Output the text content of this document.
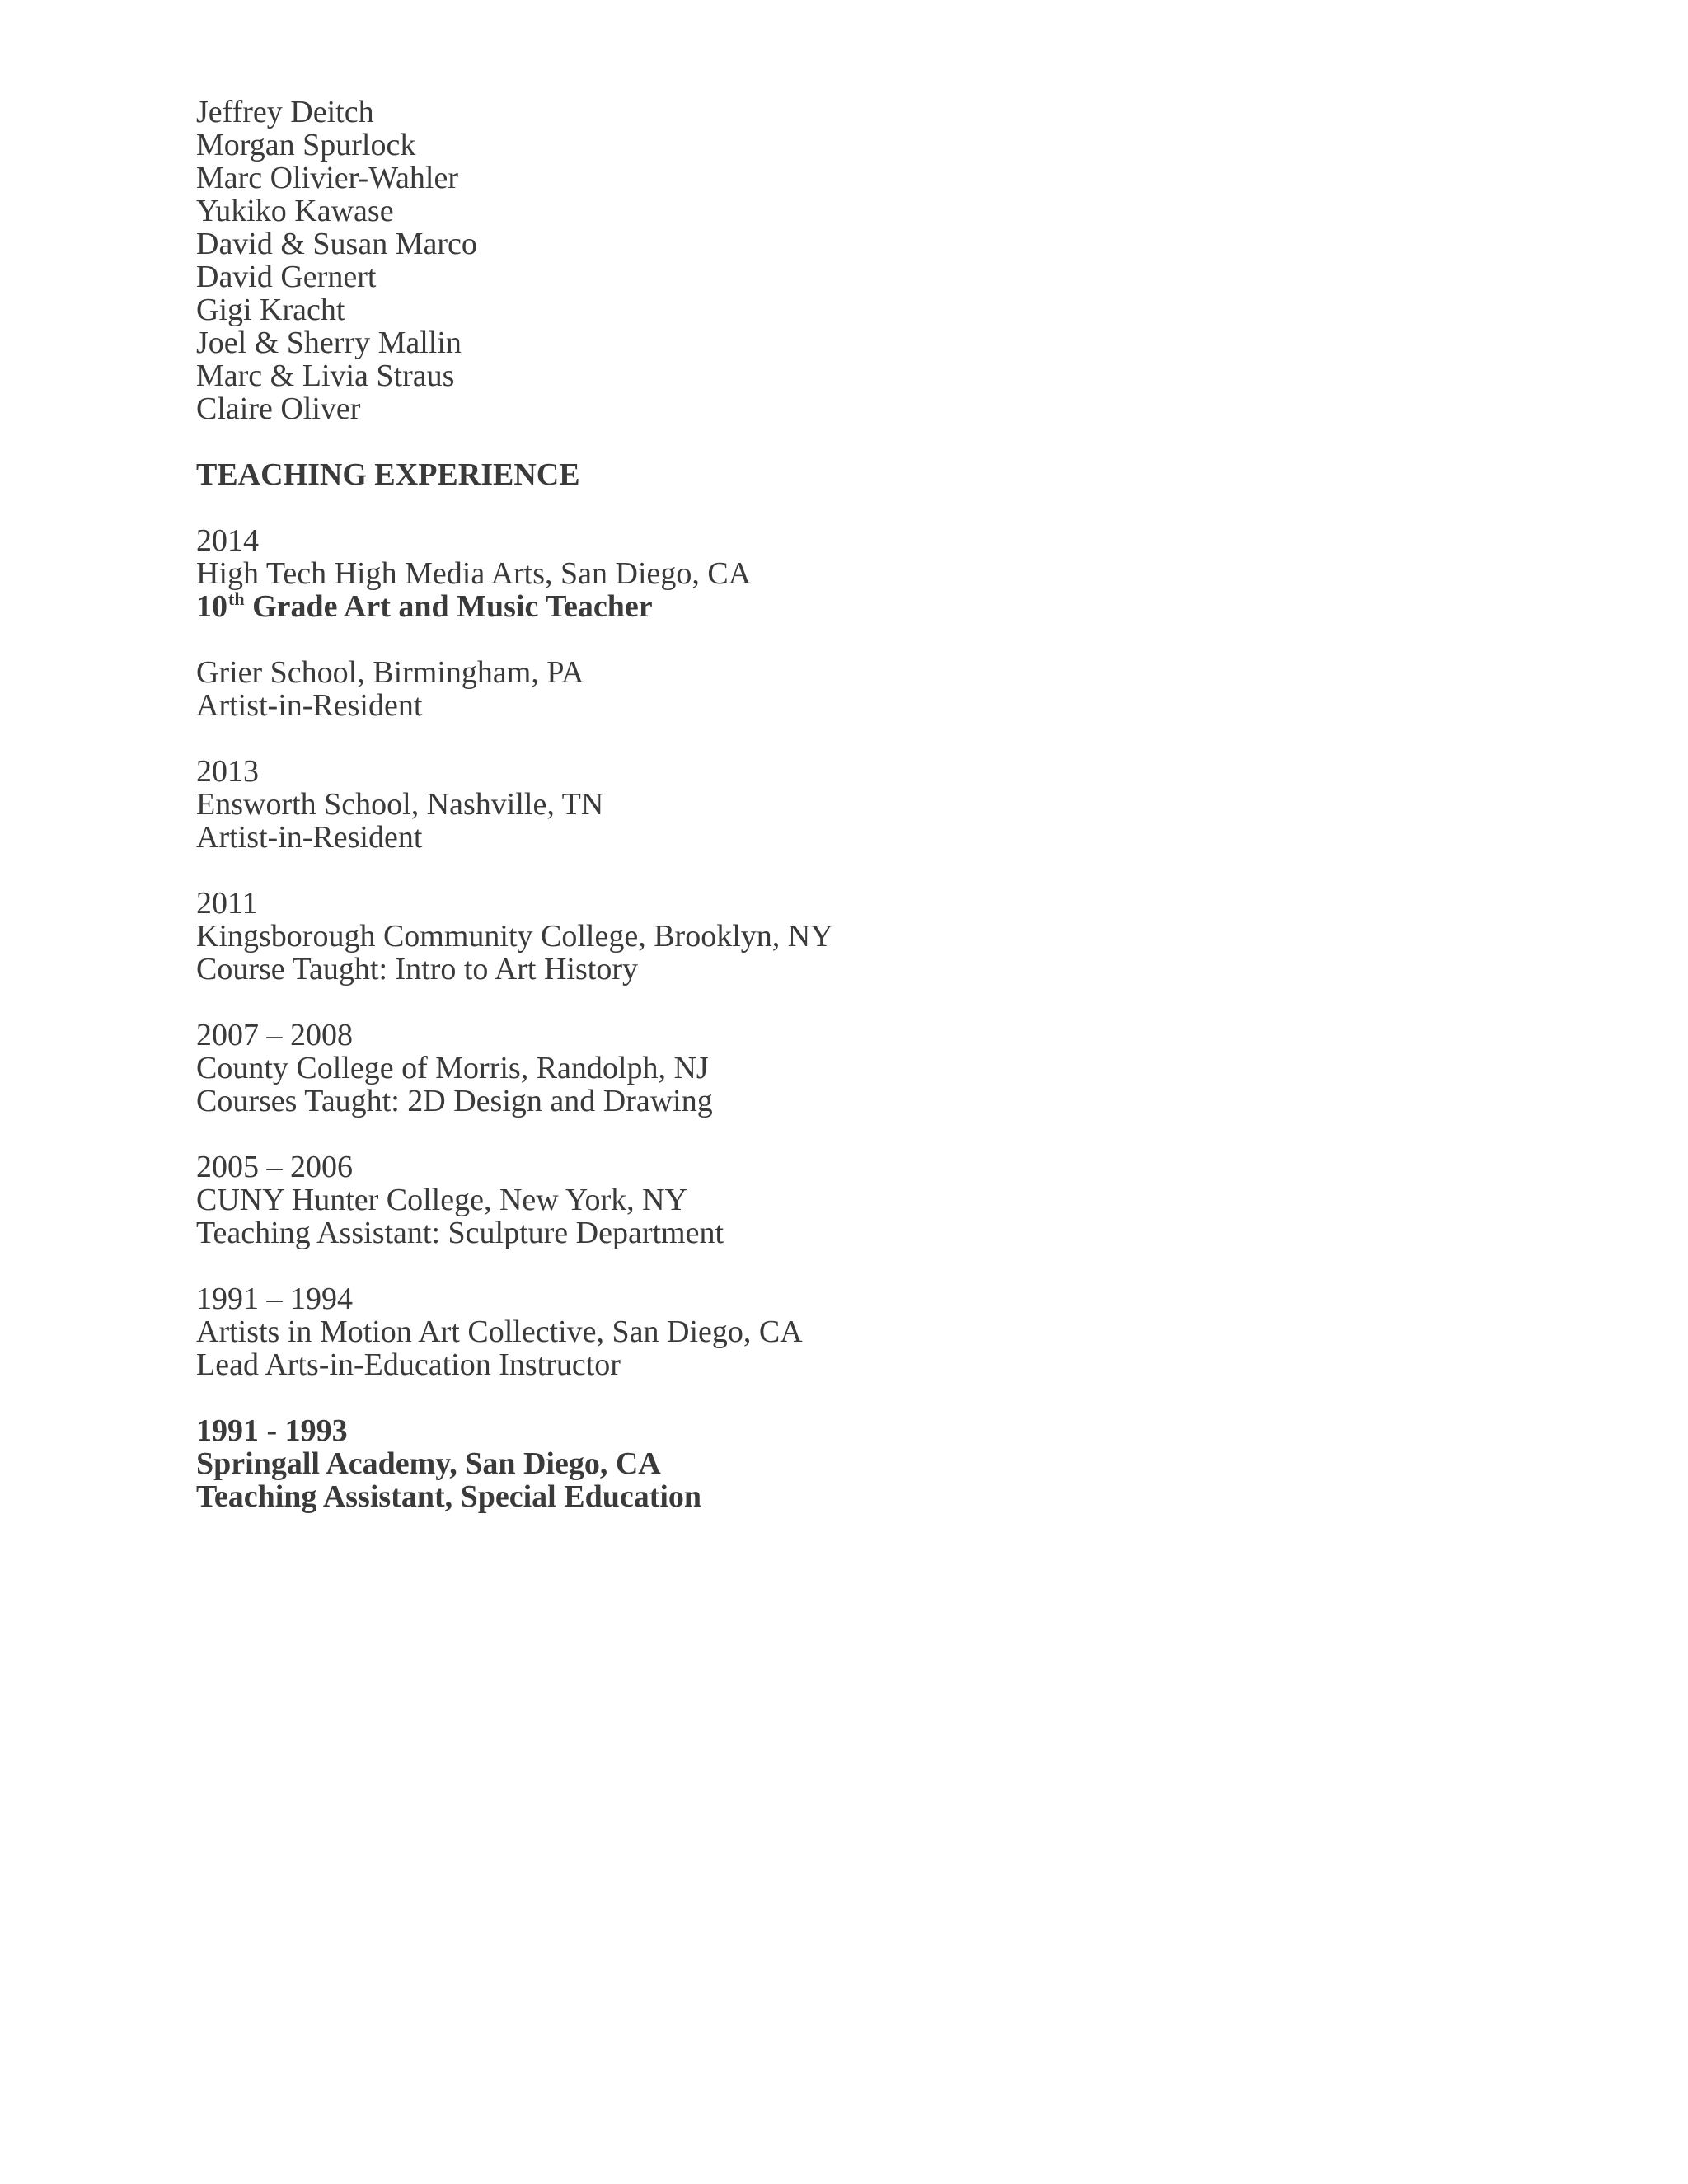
Jeffrey Deitch
Morgan Spurlock
Marc Olivier-Wahler
Yukiko Kawase
David & Susan Marco
David Gernert
Gigi Kracht
Joel & Sherry Mallin
Marc & Livia Straus
Claire Oliver
TEACHING EXPERIENCE
2014
High Tech High Media Arts, San Diego, CA
10th Grade Art and Music Teacher
Grier School, Birmingham, PA
Artist-in-Resident
2013
Ensworth School, Nashville, TN
Artist-in-Resident
2011
Kingsborough Community College, Brooklyn, NY
Course Taught: Intro to Art History
2007 – 2008
County College of Morris, Randolph, NJ
Courses Taught: 2D Design and Drawing
2005 – 2006
CUNY Hunter College, New York, NY
Teaching Assistant: Sculpture Department
1991 – 1994
Artists in Motion Art Collective, San Diego, CA
Lead Arts-in-Education Instructor
1991 - 1993
Springall Academy, San Diego, CA
Teaching Assistant, Special Education
